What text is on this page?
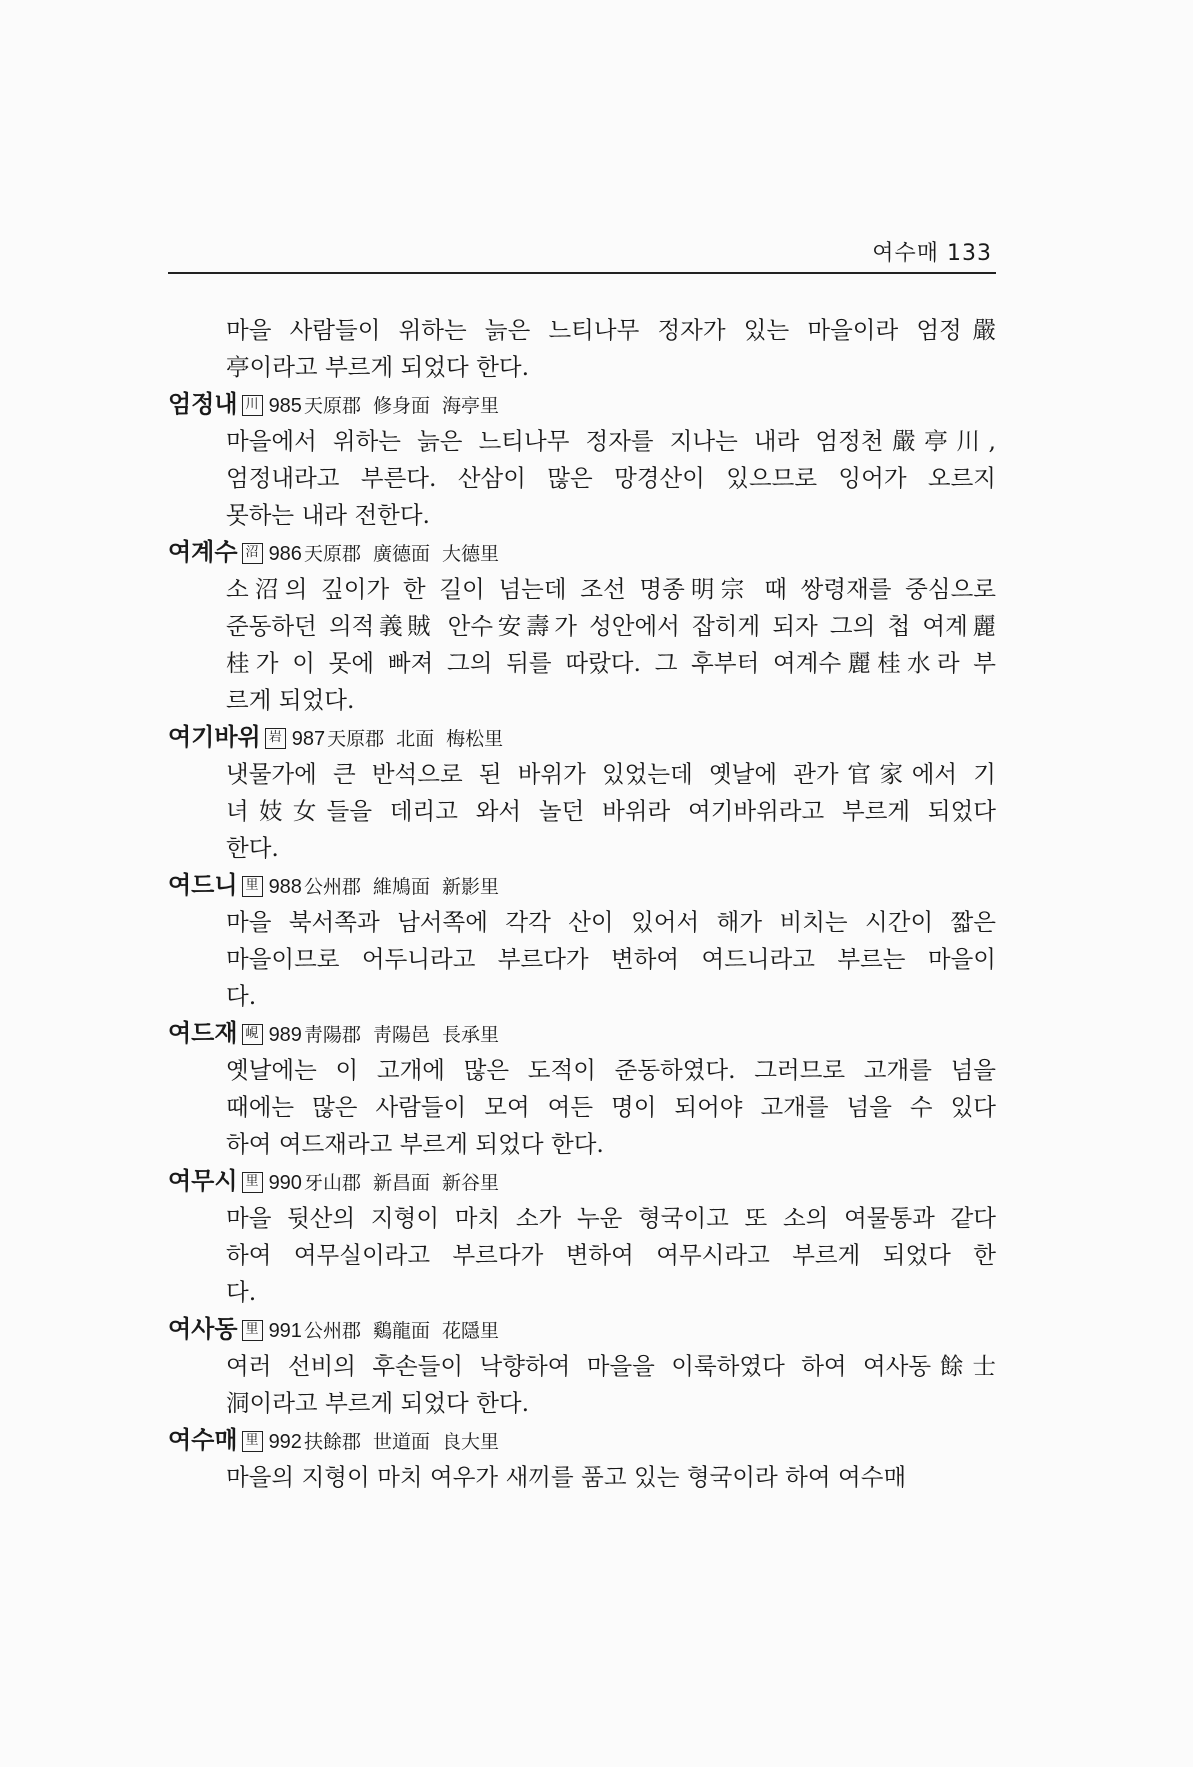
여수매 133
마을 사람들이 위하는 늙은 느티나무 정자가 있는 마을이라 엄정嚴
亭이라고 부르게 되었다 한다.
엄정내 川 985 天原郡 修身面 海亭里
마을에서 위하는 늙은 느티나무 정자를 지나는 내라 엄정천嚴亭川,
엄정내라고 부른다. 산삼이 많은 망경산이 있으므로 잉어가 오르지
못하는 내라 전한다.
여계수 沼 986 天原郡 廣德面 大德里
소沼의 깊이가 한 길이 넘는데 조선 명종明宗 때 쌍령재를 중심으로
준동하던 의적義賊 안수安壽가 성안에서 잡히게 되자 그의 첩 여계麗
桂가 이 못에 빠져 그의 뒤를 따랐다. 그 후부터 여계수麗桂水라 부
르게 되었다.
여기바위 岩 987 天原郡 北面 梅松里
냇물가에 큰 반석으로 된 바위가 있었는데 옛날에 관가官家에서 기
녀妓女들을 데리고 와서 놀던 바위라 여기바위라고 부르게 되었다
한다.
여드니 里 988 公州郡 維鳩面 新影里
마을 북서쪽과 남서쪽에 각각 산이 있어서 해가 비치는 시간이 짧은
마을이므로 어두니라고 부르다가 변하여 여드니라고 부르는 마을이
다.
여드재 峴 989 靑陽郡 靑陽邑 長承里
옛날에는 이 고개에 많은 도적이 준동하였다. 그러므로 고개를 넘을
때에는 많은 사람들이 모여 여든 명이 되어야 고개를 넘을 수 있다
하여 여드재라고 부르게 되었다 한다.
여무시 里 990 牙山郡 新昌面 新谷里
마을 뒷산의 지형이 마치 소가 누운 형국이고 또 소의 여물통과 같다
하여 여무실이라고 부르다가 변하여 여무시라고 부르게 되었다 한
다.
여사동 里 991 公州郡 鷄龍面 花隱里
여러 선비의 후손들이 낙향하여 마을을 이룩하였다 하여 여사동餘士
洞이라고 부르게 되었다 한다.
여수매 里 992 扶餘郡 世道面 良大里
마을의 지형이 마치 여우가 새끼를 품고 있는 형국이라 하여 여수매
